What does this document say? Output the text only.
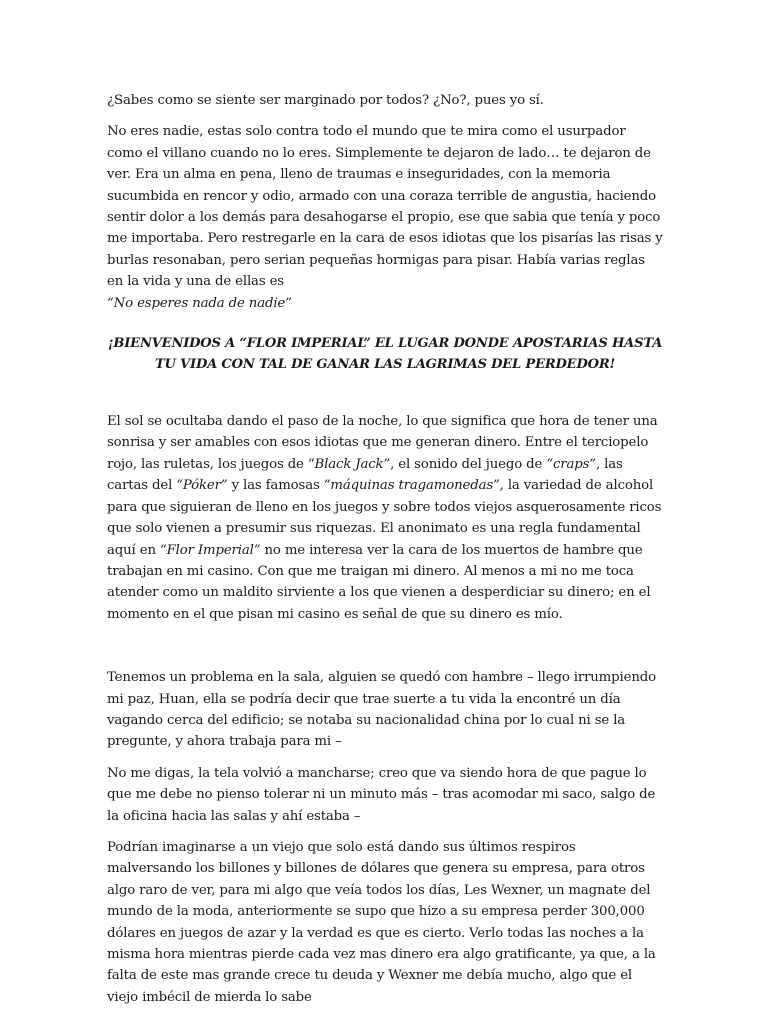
¿Sabes como se siente ser marginado por todos? ¿No?, pues yo sí.

No eres nadie, estas solo contra todo el mundo que te mira como el usurpador como el villano cuando no lo eres. Simplemente te dejaron de lado… te dejaron de ver. Era un alma en pena, lleno de traumas e inseguridades, con la memoria sucumbida en rencor y odio, armado con una coraza terrible de angustia, haciendo sentir dolor a los demás para desahogarse el propio, ese que sabia que tenía y poco me importaba. Pero restregarle en la cara de esos idiotas que los pisarías las risas y burlas resonaban, pero serian pequeñas hormigas para pisar. Había varias reglas en la vida y una de ellas es
“No esperes nada de nadie”

¡BIENVENIDOS A “FLOR IMPERIAL” EL LUGAR DONDE APOSTARIAS HASTA TU VIDA CON TAL DE GANAR LAS LAGRIMAS DEL PERDEDOR!

El sol se ocultaba dando el paso de la noche, lo que significa que hora de tener una sonrisa y ser amables con esos idiotas que me generan dinero. Entre el terciopelo rojo, las ruletas, los juegos de “Black Jack”, el sonido del juego de “craps”, las cartas del “Póker” y las famosas “máquinas tragamonedas”, la variedad de alcohol para que siguieran de lleno en los juegos y sobre todos viejos asquerosamente ricos que solo vienen a presumir sus riquezas. El anonimato es una regla fundamental aquí en “Flor Imperial” no me interesa ver la cara de los muertos de hambre que trabajan en mi casino. Con que me traigan mi dinero. Al menos a mi no me toca atender como un maldito sirviente a los que vienen a desperdiciar su dinero; en el momento en el que pisan mi casino es señal de que su dinero es mío.

Tenemos un problema en la sala, alguien se quedó con hambre – llego irrumpiendo mi paz, Huan, ella se podría decir que trae suerte a tu vida la encontré un día vagando cerca del edificio; se notaba su nacionalidad china por lo cual ni se la pregunte, y ahora trabaja para mi –

No me digas, la tela volvió a mancharse; creo que va siendo hora de que pague lo que me debe no pienso tolerar ni un minuto más – tras acomodar mi saco, salgo de la oficina hacia las salas y ahí estaba –

Podrían imaginarse a un viejo que solo está dando sus últimos respiros malversando los billones y billones de dólares que genera su empresa, para otros algo raro de ver, para mi algo que veía todos los días, Les Wexner, un magnate del mundo de la moda, anteriormente se supo que hizo a su empresa perder 300,000 dólares en juegos de azar y la verdad es que es cierto. Verlo todas las noches a la misma hora mientras pierde cada vez mas dinero era algo gratificante, ya que, a la falta de este mas grande crece tu deuda y Wexner me debía mucho, algo que el viejo imbécil de mierda lo sabe
